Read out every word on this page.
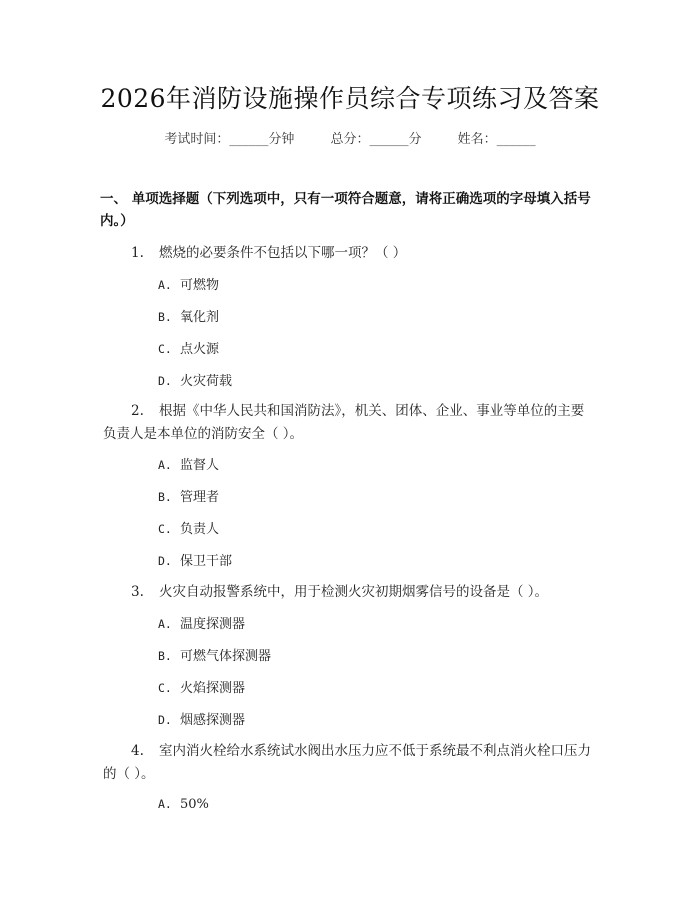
2026年消防设施操作员综合专项练习及答案
考试时间：______分钟	总分：______分	姓名：______
一、 单项选择题（下列选项中，只有一项符合题意，请将正确选项的字母填入括号内。）
1. 燃烧的必要条件不包括以下哪一项？（ ）
A. 可燃物
B. 氧化剂
C. 点火源
D. 火灾荷载
2. 根据《中华人民共和国消防法》，机关、团体、企业、事业等单位的主要负责人是本单位的消防安全（ ）。
A. 监督人
B. 管理者
C. 负责人
D. 保卫干部
3. 火灾自动报警系统中，用于检测火灾初期烟雾信号的设备是（ ）。
A. 温度探测器
B. 可燃气体探测器
C. 火焰探测器
D. 烟感探测器
4. 室内消火栓给水系统试水阀出水压力应不低于系统最不利点消火栓口压力的（ ）。
A. 50%
